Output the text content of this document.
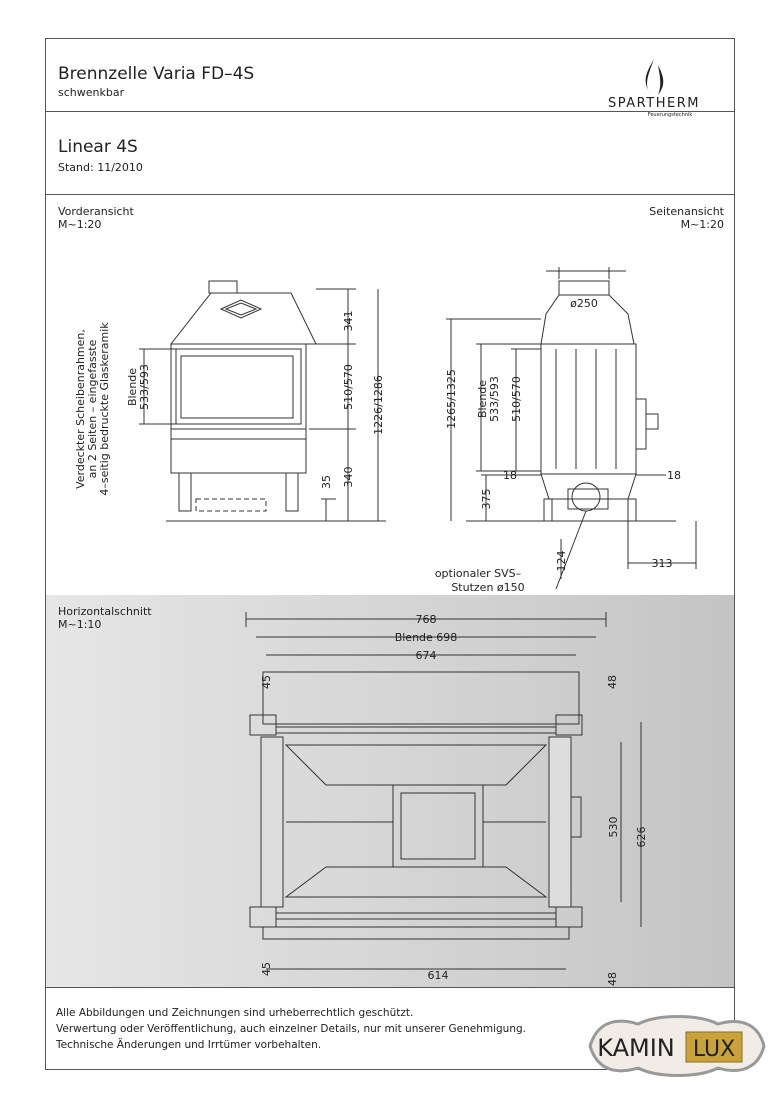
Brennzelle Varia FD–4S
schwenkbar
SPARTHERM
Feuerungstechnik
Linear 4S
Stand: 11/2010
Vorderansicht
M~1:20
Seitenansicht
M~1:20
341
510/570
340
35
1226/1286
Blende 533/593
Verdeckter Scheibenrahmen, an 2 Seiten – eingefasste 4–seitig bedruckte Glaskeramik
ø250
1265/1325 Blende 533/593 510/570
18	18
375
313
124
optionaler SVS–
Stutzen ø150
Horizontalschnitt
M~1:10	768
Blende 698
674
45	48
530 626
45
48
614
Alle Abbildungen und Zeichnungen sind urheberrechtlich geschützt.
Verwertung oder Veröffentlichung, auch einzelner Details, nur mit unserer Genehmigung.
Technische Änderungen und Irrtümer vorbehalten.	KAMIN LUX
